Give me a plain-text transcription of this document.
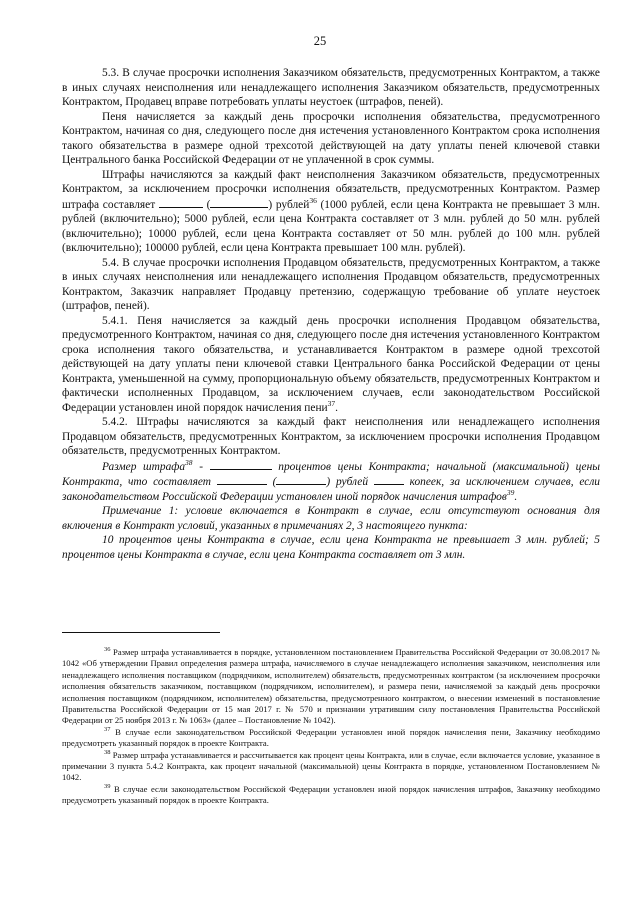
25

5.3. В случае просрочки исполнения Заказчиком обязательств, предусмотренных Контрактом, а также в иных случаях неисполнения или ненадлежащего исполнения Заказчиком обязательств, предусмотренных Контрактом, Продавец вправе потребовать уплаты неустоек (штрафов, пеней).

Пеня начисляется за каждый день просрочки исполнения обязательства, предусмотренного Контрактом, начиная со дня, следующего после дня истечения установленного Контрактом срока исполнения такого обязательства в размере одной трехсотой действующей на дату уплаты пеней ключевой ставки Центрального банка Российской Федерации от не уплаченной в срок суммы.

Штрафы начисляются за каждый факт неисполнения Заказчиком обязательств, предусмотренных Контрактом, за исключением просрочки исполнения обязательств, предусмотренных Контрактом. Размер штрафа составляет	(	) рублей$^{36}$ (1000 рублей, если цена Контракта не превышает 3 млн. рублей (включительно); 5000 рублей, если цена Контракта составляет от 3 млн. рублей до 50 млн. рублей (включительно); 10000 рублей, если цена Контракта составляет от 50 млн. рублей до 100 млн. рублей (включительно); 100000 рублей, если цена Контракта превышает 100 млн. рублей).

5.4. В случае просрочки исполнения Продавцом обязательств, предусмотренных Контрактом, а также в иных случаях неисполнения или ненадлежащего исполнения Продавцом обязательств, предусмотренных Контрактом, Заказчик направляет Продавцу претензию, содержащую требование об уплате неустоек (штрафов, пеней).

5.4.1. Пеня начисляется за каждый день просрочки исполнения Продавцом обязательства, предусмотренного Контрактом, начиная со дня, следующего после дня истечения установленного Контрактом срока исполнения такого обязательства, и устанавливается Контрактом в размере одной трехсотой действующей на дату уплаты пени ключевой ставки Центрального банка Российской Федерации от цены Контракта, уменьшенной на сумму, пропорциональную объему обязательств, предусмотренных Контрактом и фактически исполненных Продавцом, за исключением случаев, если законодательством Российской Федерации установлен иной порядок начисления пени$^{37}$.

5.4.2. Штрафы начисляются за каждый факт неисполнения или ненадлежащего исполнения Продавцом обязательств, предусмотренных Контрактом, за исключением просрочки исполнения Продавцом обязательств, предусмотренных Контрактом.

Размер штрафа$^{38}$ -	процентов цены Контракта; начальной (максимальной) цены Контракта, что составляет	(	) рублей	копеек, за исключением случаев, если законодательством Российской Федерации установлен иной порядок начисления штрафов$^{39}$.

Примечание 1: условие включается в Контракт в случае, если отсутствуют основания для включения в Контракт условий, указанных в примечаниях 2, 3 настоящего пункта:

10 процентов цены Контракта в случае, если цена Контракта не превышает 3 млн. рублей; 5 процентов цены Контракта в случае, если цена Контракта составляет от 3 млн.

$^{36}$ Размер штрафа устанавливается в порядке, установленном постановлением Правительства Российской Федерации от 30.08.2017 № 1042 «Об утверждении Правил определения размера штрафа, начисляемого в случае ненадлежащего исполнения заказчиком, неисполнения или ненадлежащего исполнения поставщиком (подрядчиком, исполнителем) обязательств, предусмотренных контрактом (за исключением просрочки исполнения обязательств заказчиком, поставщиком (подрядчиком, исполнителем), и размера пени, начисляемой за каждый день просрочки исполнения поставщиком (подрядчиком, исполнителем) обязательства, предусмотренного контрактом, о внесении изменений в постановление Правительства Российской Федерации от 15 мая 2017 г. № 570 и признании утратившим силу постановления Правительства Российской Федерации от 25 ноября 2013 г. № 1063» (далее – Постановление № 1042).

$^{37}$ В случае если законодательством Российской Федерации установлен иной порядок начисления пени, Заказчику необходимо предусмотреть указанный порядок в проекте Контракта.

$^{38}$ Размер штрафа устанавливается и рассчитывается как процент цены Контракта, или в случае, если включается условие, указанное в примечании 3 пункта 5.4.2 Контракта, как процент начальной (максимальной) цены Контракта в порядке, установленном Постановлением № 1042.

$^{39}$ В случае если законодательством Российской Федерации установлен иной порядок начисления штрафов, Заказчику необходимо предусмотреть указанный порядок в проекте Контракта.
